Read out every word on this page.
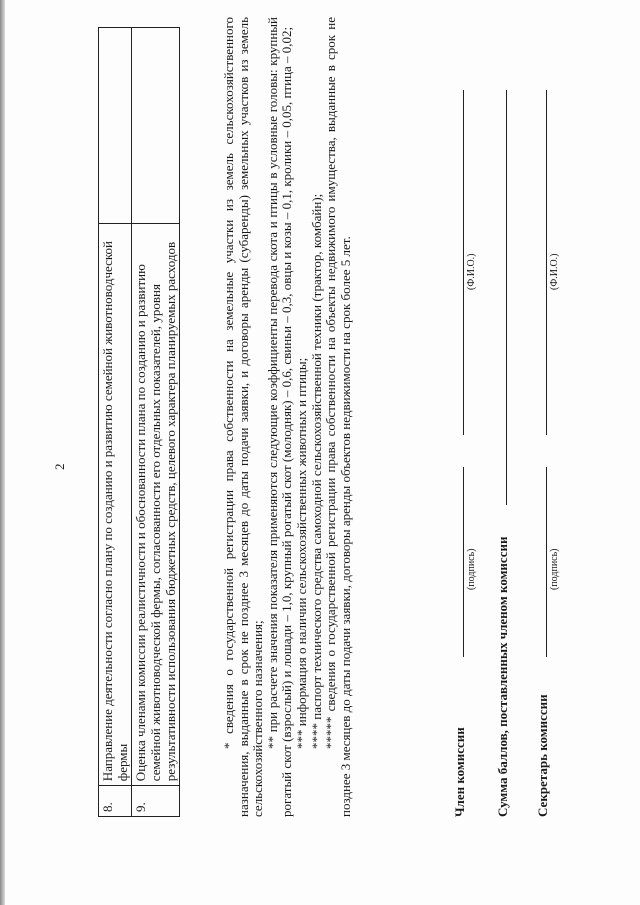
2
8.	Направление деятельности согласно плану по созданию и развитию семейной животноводческой фермы	
9.	Оценка членами комиссии реалистичности и обоснованности плана по созданию и развитию семейной животноводческой фермы, согласованности его отдельных показателей, уровня результативности использования бюджетных средств, целевого характера планируемых расходов		* сведения о государственной регистрации права собственности на земельные участки из земель сельскохозяйственного назначения, выданные в срок не позднее 3 месяцев до даты подачи заявки, и договоры аренды (субаренды) земельных участков из земель сельскохозяйственного назначения; ** при расчете значения показателя применяются следующие коэффициенты перевода скота и птицы в условные головы: крупный рогатый скот (взрослый) и лошади – 1,0, крупный рогатый скот (молодняк) – 0,6, свиньи – 0,3, овцы и козы – 0,1, кролики – 0,05, птица – 0,02; *** информация о наличии сельскохозяйственных животных и птицы; **** паспорт технического средства самоходной сельскохозяйственной техники (трактор, комбайн); ***** сведения о государственной регистрации права собственности на объекты недвижимого имущества, выданные в срок не позднее 3 месяцев до даты подачи заявки, договоры аренды объектов недвижимости на срок более 5 лет.	Член комиссии
(подпись)
(Ф.И.О.)
Сумма баллов, поставленных членом комиссии Секретарь комиссии
(подпись)
(Ф.И.О.)
